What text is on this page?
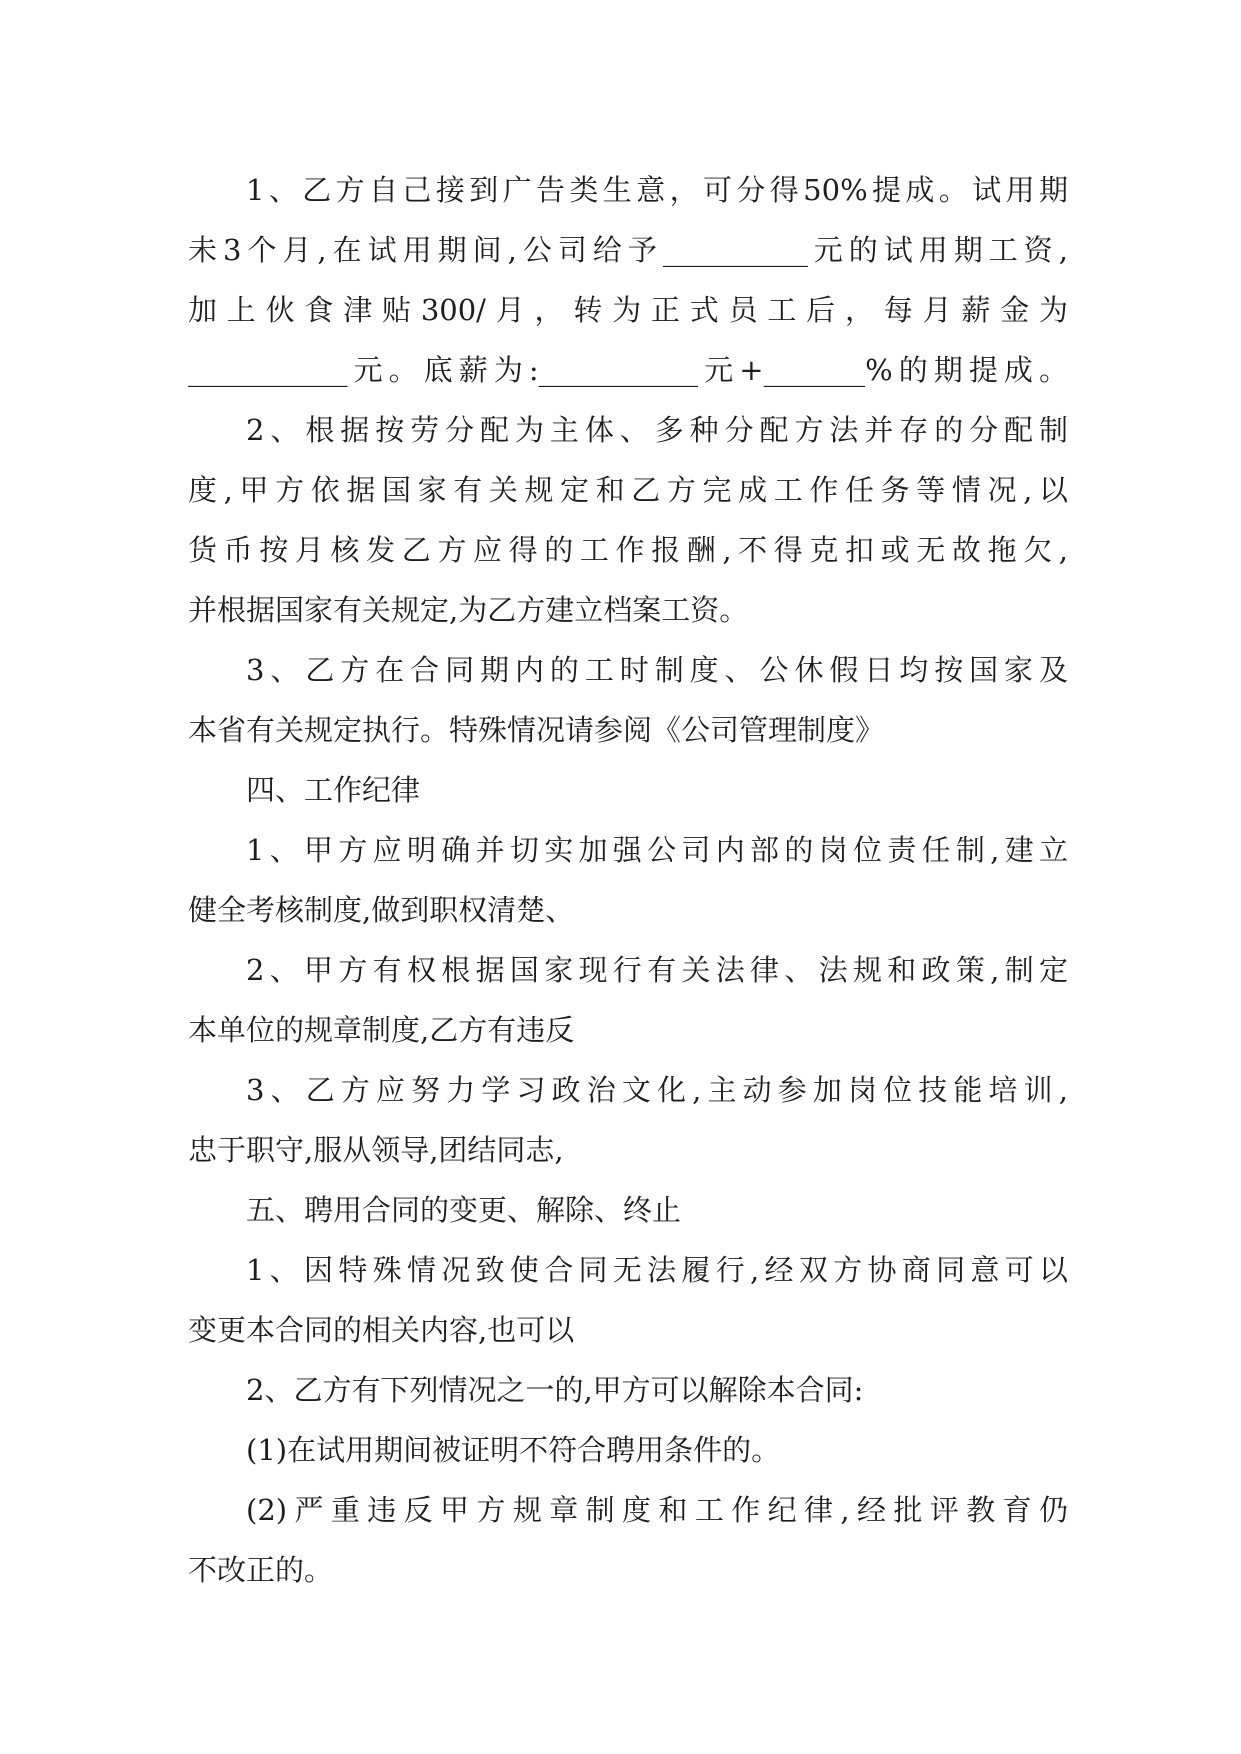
1、乙方自己接到广告类生意，可分得50%提成。试用期
未3个月,在试用期间,公司给予__________元的试用期工资,
加上伙食津贴300/月，转为正式员工后，每月薪金为
___________元。底薪为:___________元+_______%的期提成。
2、根据按劳分配为主体、多种分配方法并存的分配制
度,甲方依据国家有关规定和乙方完成工作任务等情况,以
货币按月核发乙方应得的工作报酬,不得克扣或无故拖欠,
并根据国家有关规定,为乙方建立档案工资。
3、乙方在合同期内的工时制度、公休假日均按国家及
本省有关规定执行。特殊情况请参阅《公司管理制度》
四、工作纪律
1、甲方应明确并切实加强公司内部的岗位责任制,建立
健全考核制度,做到职权清楚、
2、甲方有权根据国家现行有关法律、法规和政策,制定
本单位的规章制度,乙方有违反
3、乙方应努力学习政治文化,主动参加岗位技能培训,
忠于职守,服从领导,团结同志,
五、聘用合同的变更、解除、终止
1、因特殊情况致使合同无法履行,经双方协商同意可以
变更本合同的相关内容,也可以
2、乙方有下列情况之一的,甲方可以解除本合同:
(1)在试用期间被证明不符合聘用条件的。
(2)严重违反甲方规章制度和工作纪律,经批评教育仍
不改正的。
